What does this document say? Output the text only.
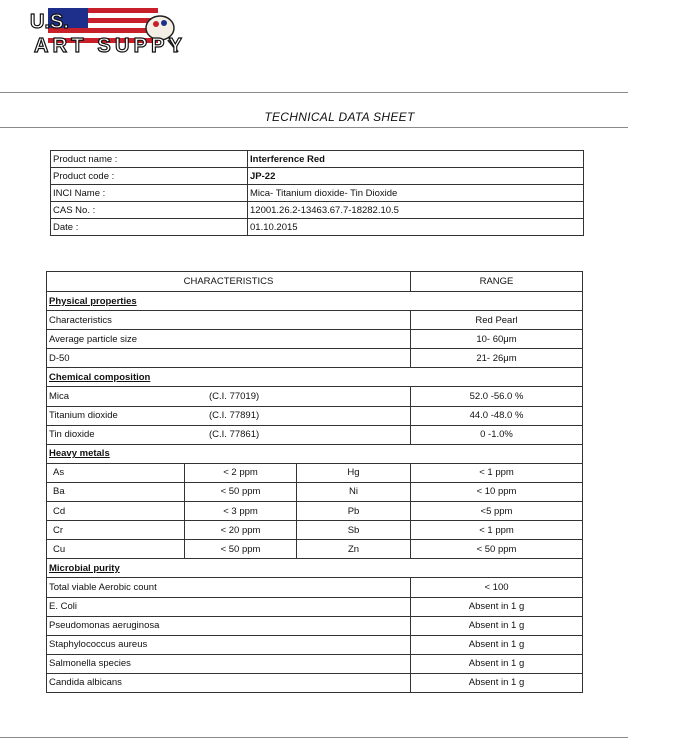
U.S.
ART SUPPY
TECHNICAL DATA SHEET
Product name :	Interference Red
Product code :	JP-22
INCI Name :	Mica- Titanium dioxide- Tin Dioxide
CAS No. :	12001.26.2-13463.67.7-18282.10.5
Date :	01.10.2015
CHARACTERISTICS			RANGE
Physical properties			
Characteristics			Red Pearl
Average particle size			10- 60μm
D-50			21- 26μm
Chemical composition			
Mica (C.I. 77019)			52.0 -56.0 %
Titanium dioxide (C.I. 77891)			44.0 -48.0 %
Tin dioxide (C.I. 77861)			0 -1.0%
Heavy metals			
As	< 2 ppm	Hg	< 1 ppm
Ba	< 50 ppm	Ni	< 10 ppm
Cd	< 3 ppm	Pb	<5 ppm
Cr	< 20 ppm	Sb	< 1 ppm
Cu	< 50 ppm	Zn	< 50 ppm
Microbial purity			
Total viable Aerobic count			< 100
E. Coli			Absent in 1 g
Pseudomonas aeruginosa			Absent in 1 g
Staphylococcus aureus			Absent in 1 g
Salmonella species			Absent in 1 g
Candida albicans			Absent in 1 g
